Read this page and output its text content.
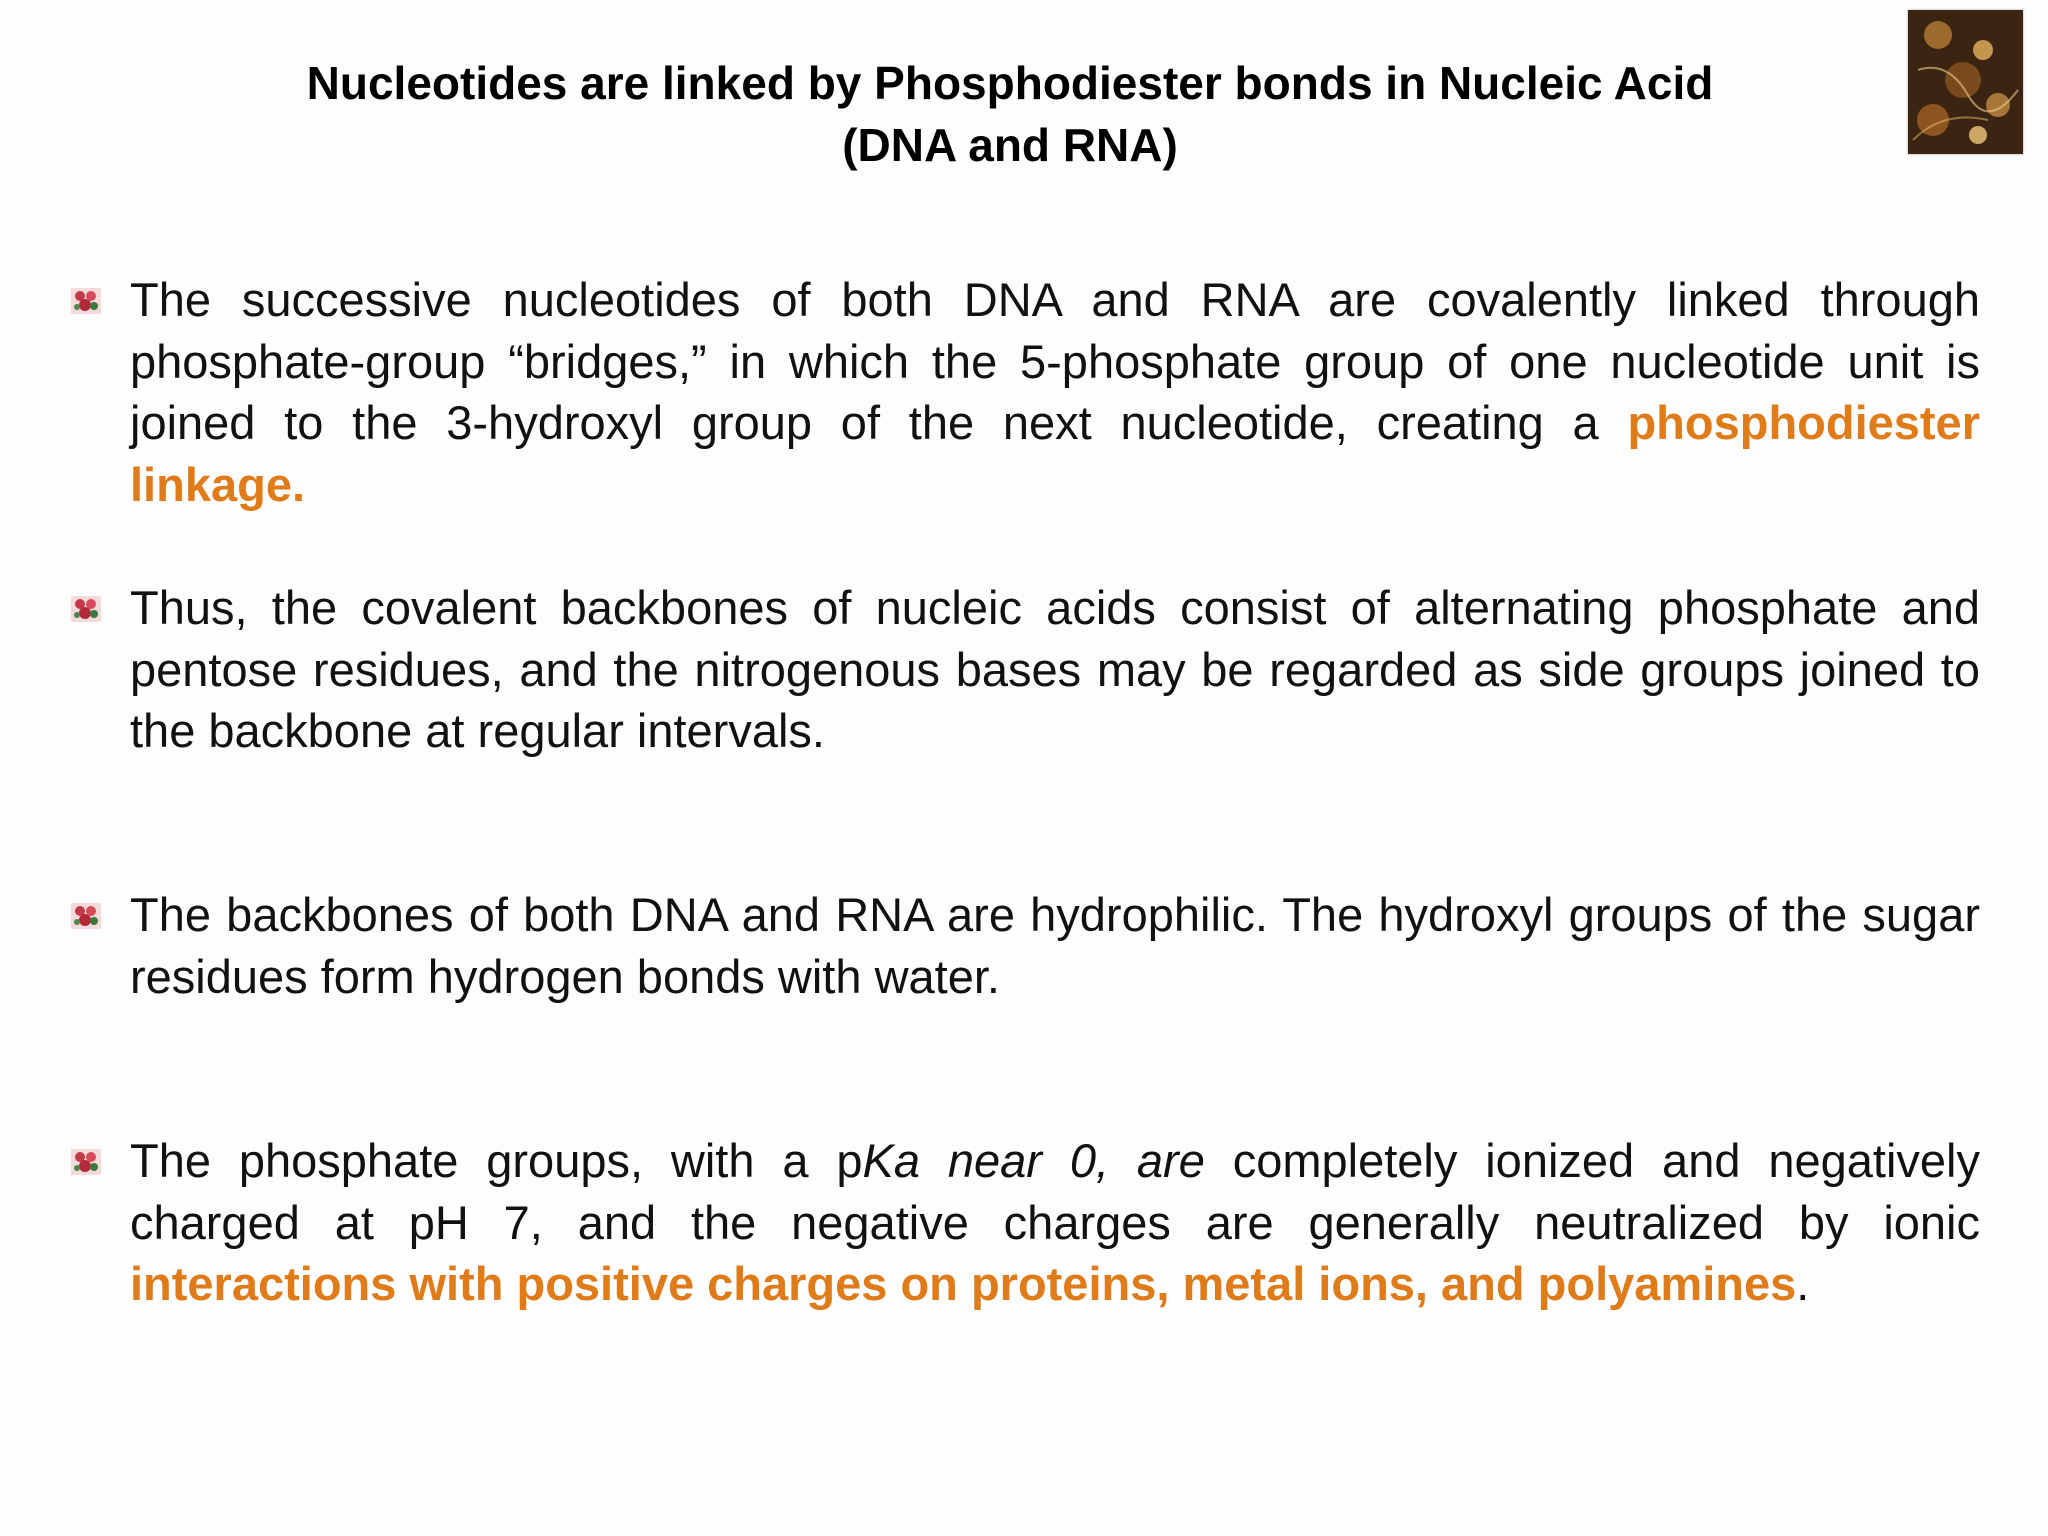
Nucleotides are linked by Phosphodiester bonds in Nucleic Acid
(DNA and RNA)
The successive nucleotides of both DNA and RNA are covalently linked through phosphate-group “bridges,” in which the 5-phosphate group of one nucleotide unit is joined to the 3-hydroxyl group of the next nucleotide, creating a phosphodiester linkage.
Thus, the covalent backbones of nucleic acids consist of alternating phosphate and pentose residues, and the nitrogenous bases may be regarded as side groups joined to the backbone at regular intervals.
The backbones of both DNA and RNA are hydrophilic. The hydroxyl groups of the sugar residues form hydrogen bonds with water.
The phosphate groups, with a pKa near 0, are completely ionized and negatively charged at pH 7, and the negative charges are generally neutralized by ionic interactions with positive charges on proteins, metal ions, and polyamines.
